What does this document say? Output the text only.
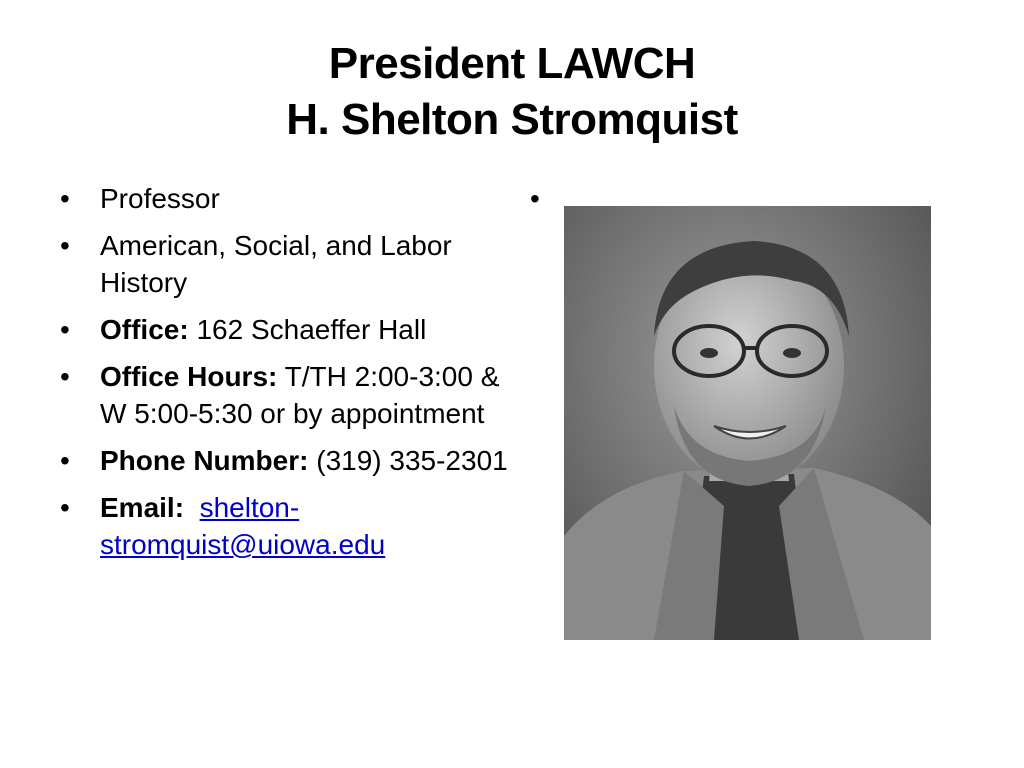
President LAWCH
H. Shelton Stromquist
• Professor
• American, Social, and Labor History
• Office: 162 Schaeffer Hall
• Office Hours: T/TH 2:00-3:00 & W 5:00-5:30 or by appointment
• Phone Number: (319) 335-2301
• Email: shelton-stromquist@uiowa.edu
•
